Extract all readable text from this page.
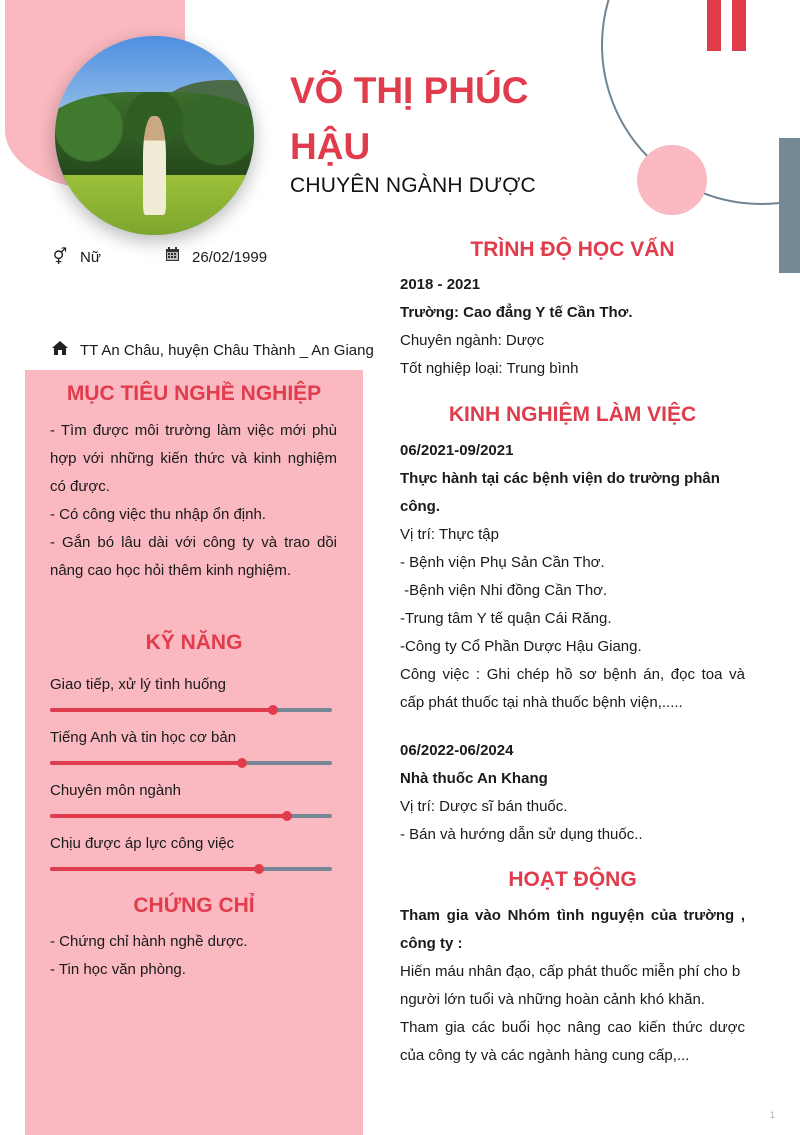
VÕ THỊ PHÚC
HẬU
CHUYÊN NGÀNH DƯỢC
⚥ Nữ	26/02/1999
TT An Châu, huyện Châu Thành _ An Giang
MỤC TIÊU NGHỀ NGHIỆP
- Tìm được môi trường làm việc mới phù hợp với những kiến thức và kinh nghiệm có được.
- Có công việc thu nhập ổn định.
- Gắn bó lâu dài với công ty và trao dồi nâng cao học hỏi thêm kinh nghiệm.
KỸ NĂNG
Giao tiếp, xử lý tình huống
Tiếng Anh và tin học cơ bản
Chuyên môn ngành
Chịu được áp lực công việc
CHỨNG CHỈ
- Chứng chỉ hành nghề dược.
- Tin học văn phòng.
TRÌNH ĐỘ HỌC VẤN
2018 - 2021
Trường: Cao đẳng Y tế Cần Thơ.
Chuyên ngành: Dược
Tốt nghiệp loại: Trung bình
KINH NGHIỆM LÀM VIỆC
06/2021-09/2021
Thực hành tại các bệnh viện do trường phân công.
Vị trí: Thực tập
- Bệnh viện Phụ Sản Cần Thơ.
-Bệnh viện Nhi đồng Cần Thơ.
-Trung tâm Y tế quận Cái Răng.
-Công ty Cổ Phần Dược Hậu Giang.
Công việc : Ghi chép hồ sơ bệnh án, đọc toa và cấp phát thuốc tại nhà thuốc bệnh viện,.....
06/2022-06/2024
Nhà thuốc An Khang
Vị trí: Dược sĩ bán thuốc.
- Bán và hướng dẫn sử dụng thuốc..
HOẠT ĐỘNG
Tham gia vào Nhóm tình nguyện của trường , công ty :
Hiến máu nhân đạo, cấp phát thuốc miễn phí cho b người lớn tuổi và những hoàn cảnh khó khăn.
Tham gia các buổi học nâng cao kiến thức dược của công ty và các ngành hàng cung cấp,...
1
